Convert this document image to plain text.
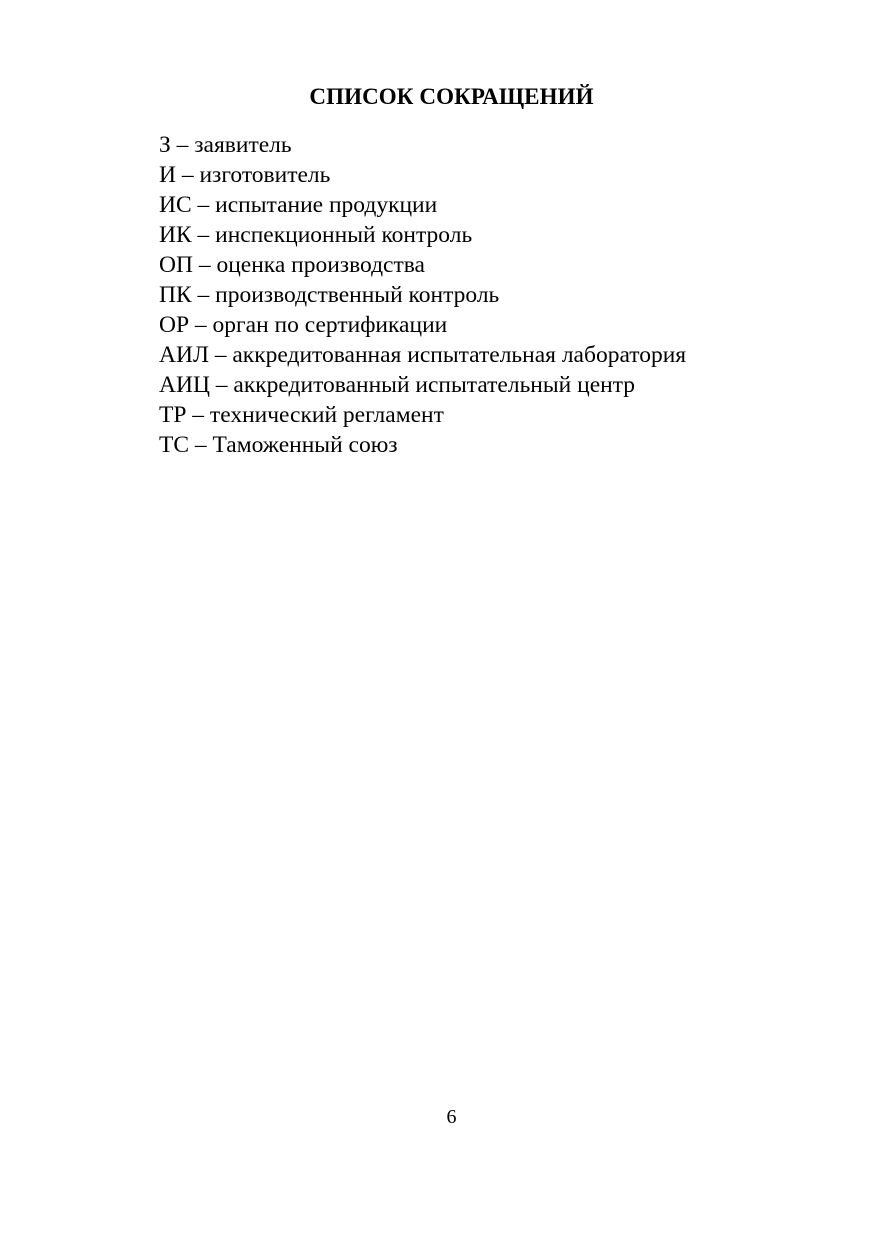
СПИСОК СОКРАЩЕНИЙ
З – заявитель
И – изготовитель
ИС – испытание продукции
ИК – инспекционный контроль
ОП – оценка производства
ПК – производственный контроль
ОР – орган по сертификации
АИЛ – аккредитованная испытательная лаборатория
АИЦ – аккредитованный испытательный центр
ТР – технический регламент
ТС – Таможенный союз
6
